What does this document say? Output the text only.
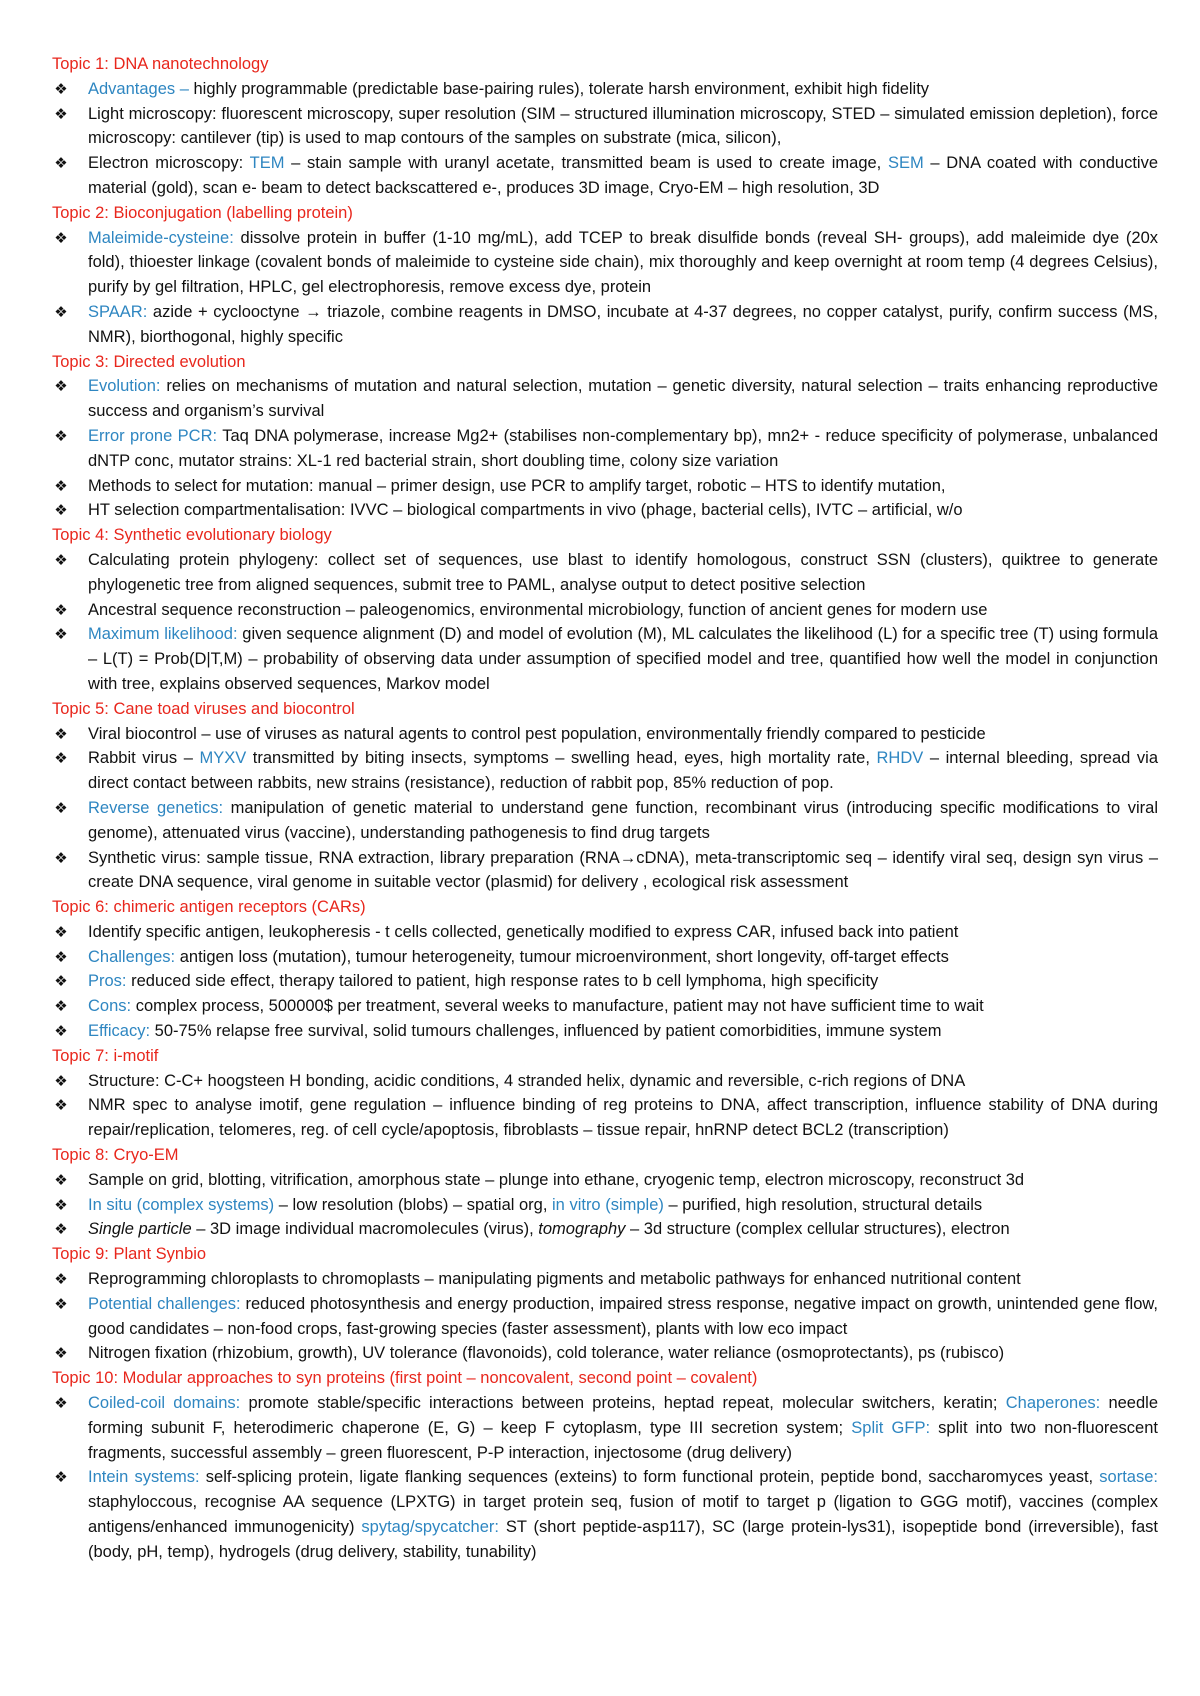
Topic 1: DNA nanotechnology
❖ Advantages – highly programmable (predictable base-pairing rules), tolerate harsh environment, exhibit high fidelity
❖ Light microscopy: fluorescent microscopy, super resolution (SIM – structured illumination microscopy, STED – simulated emission depletion), force microscopy: cantilever (tip) is used to map contours of the samples on substrate (mica, silicon),
❖ Electron microscopy: TEM – stain sample with uranyl acetate, transmitted beam is used to create image, SEM – DNA coated with conductive material (gold), scan e- beam to detect backscattered e-, produces 3D image, Cryo-EM – high resolution, 3D
Topic 2: Bioconjugation (labelling protein)
❖ Maleimide-cysteine: dissolve protein in buffer (1-10 mg/mL), add TCEP to break disulfide bonds (reveal SH- groups), add maleimide dye (20x fold), thioester linkage (covalent bonds of maleimide to cysteine side chain), mix thoroughly and keep overnight at room temp (4 degrees Celsius), purify by gel filtration, HPLC, gel electrophoresis, remove excess dye, protein
❖ SPAAR: azide + cyclooctyne → triazole, combine reagents in DMSO, incubate at 4-37 degrees, no copper catalyst, purify, confirm success (MS, NMR), biorthogonal, highly specific
Topic 3: Directed evolution
❖ Evolution: relies on mechanisms of mutation and natural selection, mutation – genetic diversity, natural selection – traits enhancing reproductive success and organism’s survival
❖ Error prone PCR: Taq DNA polymerase, increase Mg2+ (stabilises non-complementary bp), mn2+ - reduce specificity of polymerase, unbalanced dNTP conc, mutator strains: XL-1 red bacterial strain, short doubling time, colony size variation
❖ Methods to select for mutation: manual – primer design, use PCR to amplify target, robotic – HTS to identify mutation,
❖ HT selection compartmentalisation: IVVC – biological compartments in vivo (phage, bacterial cells), IVTC – artificial, w/o
Topic 4: Synthetic evolutionary biology
❖ Calculating protein phylogeny: collect set of sequences, use blast to identify homologous, construct SSN (clusters), quiktree to generate phylogenetic tree from aligned sequences, submit tree to PAML, analyse output to detect positive selection
❖ Ancestral sequence reconstruction – paleogenomics, environmental microbiology, function of ancient genes for modern use
❖ Maximum likelihood: given sequence alignment (D) and model of evolution (M), ML calculates the likelihood (L) for a specific tree (T) using formula – L(T) = Prob(D|T,M) – probability of observing data under assumption of specified model and tree, quantified how well the model in conjunction with tree, explains observed sequences, Markov model
Topic 5: Cane toad viruses and biocontrol
❖ Viral biocontrol – use of viruses as natural agents to control pest population, environmentally friendly compared to pesticide
❖ Rabbit virus – MYXV transmitted by biting insects, symptoms – swelling head, eyes, high mortality rate, RHDV – internal bleeding, spread via direct contact between rabbits, new strains (resistance), reduction of rabbit pop, 85% reduction of pop.
❖ Reverse genetics: manipulation of genetic material to understand gene function, recombinant virus (introducing specific modifications to viral genome), attenuated virus (vaccine), understanding pathogenesis to find drug targets
❖ Synthetic virus: sample tissue, RNA extraction, library preparation (RNA→cDNA), meta-transcriptomic seq – identify viral seq, design syn virus – create DNA sequence, viral genome in suitable vector (plasmid) for delivery , ecological risk assessment
Topic 6: chimeric antigen receptors (CARs)
❖ Identify specific antigen, leukopheresis - t cells collected, genetically modified to express CAR, infused back into patient
❖ Challenges: antigen loss (mutation), tumour heterogeneity, tumour microenvironment, short longevity, off-target effects
❖ Pros: reduced side effect, therapy tailored to patient, high response rates to b cell lymphoma, high specificity
❖ Cons: complex process, 500000$ per treatment, several weeks to manufacture, patient may not have sufficient time to wait
❖ Efficacy: 50-75% relapse free survival, solid tumours challenges, influenced by patient comorbidities, immune system
Topic 7: i-motif
❖ Structure: C-C+ hoogsteen H bonding, acidic conditions, 4 stranded helix, dynamic and reversible, c-rich regions of DNA
❖ NMR spec to analyse imotif, gene regulation – influence binding of reg proteins to DNA, affect transcription, influence stability of DNA during repair/replication, telomeres, reg. of cell cycle/apoptosis, fibroblasts – tissue repair, hnRNP detect BCL2 (transcription)
Topic 8: Cryo-EM
❖ Sample on grid, blotting, vitrification, amorphous state – plunge into ethane, cryogenic temp, electron microscopy, reconstruct 3d
❖ In situ (complex systems) – low resolution (blobs) – spatial org, in vitro (simple) – purified, high resolution, structural details
❖ Single particle – 3D image individual macromolecules (virus), tomography – 3d structure (complex cellular structures), electron
Topic 9: Plant Synbio
❖ Reprogramming chloroplasts to chromoplasts – manipulating pigments and metabolic pathways for enhanced nutritional content
❖ Potential challenges: reduced photosynthesis and energy production, impaired stress response, negative impact on growth, unintended gene flow, good candidates – non-food crops, fast-growing species (faster assessment), plants with low eco impact
❖ Nitrogen fixation (rhizobium, growth), UV tolerance (flavonoids), cold tolerance, water reliance (osmoprotectants), ps (rubisco)
Topic 10: Modular approaches to syn proteins (first point – noncovalent, second point – covalent)
❖ Coiled-coil domains: promote stable/specific interactions between proteins, heptad repeat, molecular switchers, keratin; Chaperones: needle forming subunit F, heterodimeric chaperone (E, G) – keep F cytoplasm, type III secretion system; Split GFP: split into two non-fluorescent fragments, successful assembly – green fluorescent, P-P interaction, injectosome (drug delivery)
❖ Intein systems: self-splicing protein, ligate flanking sequences (exteins) to form functional protein, peptide bond, saccharomyces yeast, sortase: staphyloccous, recognise AA sequence (LPXTG) in target protein seq, fusion of motif to target p (ligation to GGG motif), vaccines (complex antigens/enhanced immunogenicity) spytag/spycatcher: ST (short peptide-asp117), SC (large protein-lys31), isopeptide bond (irreversible), fast (body, pH, temp), hydrogels (drug delivery, stability, tunability)
